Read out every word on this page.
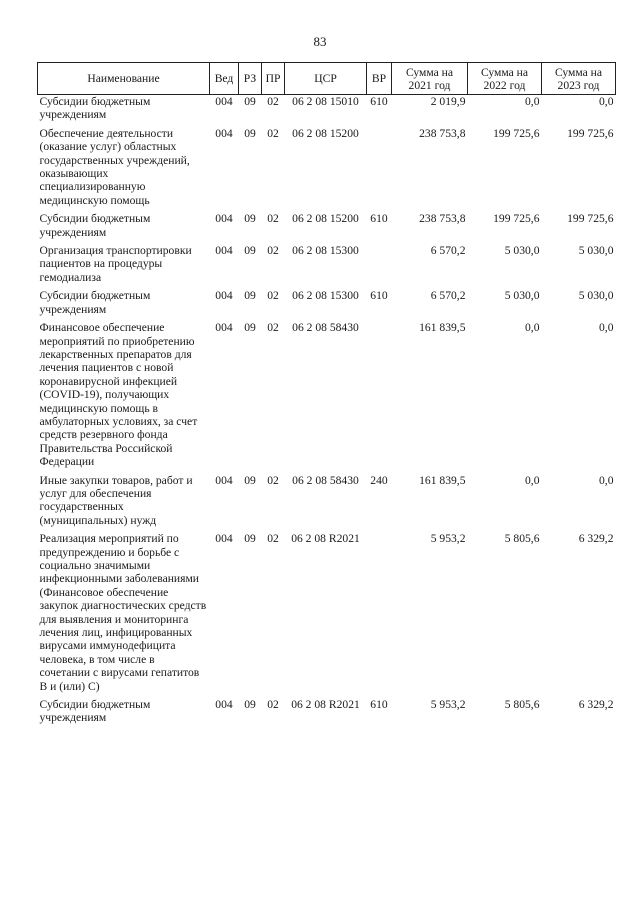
83
Наименование	Вед	РЗ	ПР	ЦСР	ВР	Сумма на 2021 год	Сумма на 2022 год	Сумма на 2023 год
Субсидии бюджетным учреждениям	004	09	02	06 2 08 15010	610	2 019,9	0,0	0,0
Обеспечение деятельности (оказание услуг) областных государственных учреждений, оказывающих специализированную медицинскую помощь	004	09	02	06 2 08 15200		238 753,8	199 725,6	199 725,6
Субсидии бюджетным учреждениям	004	09	02	06 2 08 15200	610	238 753,8	199 725,6	199 725,6
Организация транспортировки пациентов на процедуры гемодиализа	004	09	02	06 2 08 15300		6 570,2	5 030,0	5 030,0
Субсидии бюджетным учреждениям	004	09	02	06 2 08 15300	610	6 570,2	5 030,0	5 030,0
Финансовое обеспечение мероприятий по приобретению лекарственных препаратов для лечения пациентов с новой коронавирусной инфекцией (COVID-19), получающих медицинскую помощь в амбулаторных условиях, за счет средств резервного фонда Правительства Российской Федерации	004	09	02	06 2 08 58430		161 839,5	0,0	0,0
Иные закупки товаров, работ и услуг для обеспечения государственных (муниципальных) нужд	004	09	02	06 2 08 58430	240	161 839,5	0,0	0,0
Реализация мероприятий по предупреждению и борьбе с социально значимыми инфекционными заболеваниями (Финансовое обеспечение закупок диагностических средств для выявления и мониторинга лечения лиц, инфицированных вирусами иммунодефицита человека, в том числе в сочетании с вирусами гепатитов B и (или) C)	004	09	02	06 2 08 R2021		5 953,2	5 805,6	6 329,2
Субсидии бюджетным учреждениям	004	09	02	06 2 08 R2021	610	5 953,2	5 805,6	6 329,2
